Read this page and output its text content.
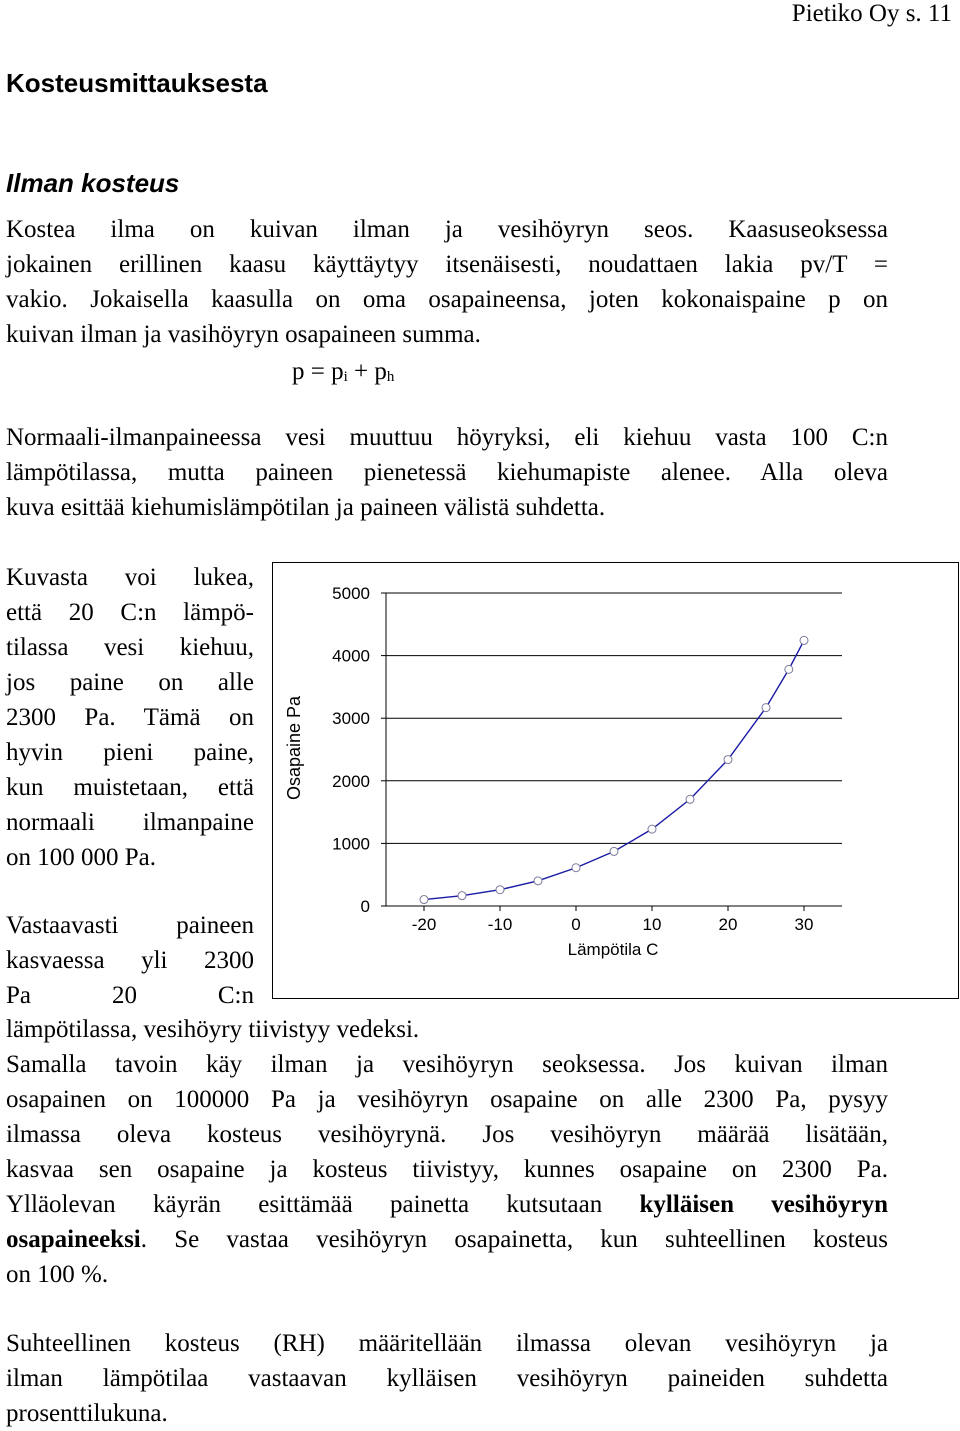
Pietiko Oy s. 11
Kosteusmittauksesta
Ilman kosteus
Kostea ilma on kuivan ilman ja vesihöyryn seos. Kaasuseoksessa
jokainen erillinen kaasu käyttäytyy itsenäisesti, noudattaen lakia pv/T =
vakio. Jokaisella kaasulla on oma osapaineensa, joten kokonaispaine p on
kuivan ilman ja vasihöyryn osapaineen summa.
$p = p_i + p_h$
Normaali-ilmanpaineessa vesi muuttuu höyryksi, eli kiehuu vasta 100 C:n
lämpötilassa, mutta paineen pienetessä kiehumapiste alenee. Alla oleva
kuva esittää kiehumislämpötilan ja paineen välistä suhdetta.
Kuvasta voi lukea,
että 20 C:n lämpö-
tilassa vesi kiehuu,
jos paine on alle
2300 Pa. Tämä on
hyvin pieni paine,
kun muistetaan, että
normaali ilmanpaine
on 100 000 Pa.
Vastaavasti paineen
kasvaessa yli 2300
Pa 20 C:n
0
1000
2000
3000
4000
5000
-20	-10	0	10	20	30
Osapaine Pa
Lämpötila C
lämpötilassa, vesihöyry tiivistyy vedeksi.
Samalla tavoin käy ilman ja vesihöyryn seoksessa. Jos kuivan ilman
osapainen on 100000 Pa ja vesihöyryn osapaine on alle 2300 Pa, pysyy
ilmassa oleva kosteus vesihöyrynä. Jos vesihöyryn määrää lisätään,
kasvaa sen osapaine ja kosteus tiivistyy, kunnes osapaine on 2300 Pa.
Ylläolevan käyrän esittämää painetta kutsutaan kylläisen vesihöyryn
osapaineeksi. Se vastaa vesihöyryn osapainetta, kun suhteellinen kosteus
on 100 %.
Suhteellinen kosteus (RH) määritellään ilmassa olevan vesihöyryn ja
ilman lämpötilaa vastaavan kylläisen vesihöyryn paineiden suhdetta
prosenttilukuna.
